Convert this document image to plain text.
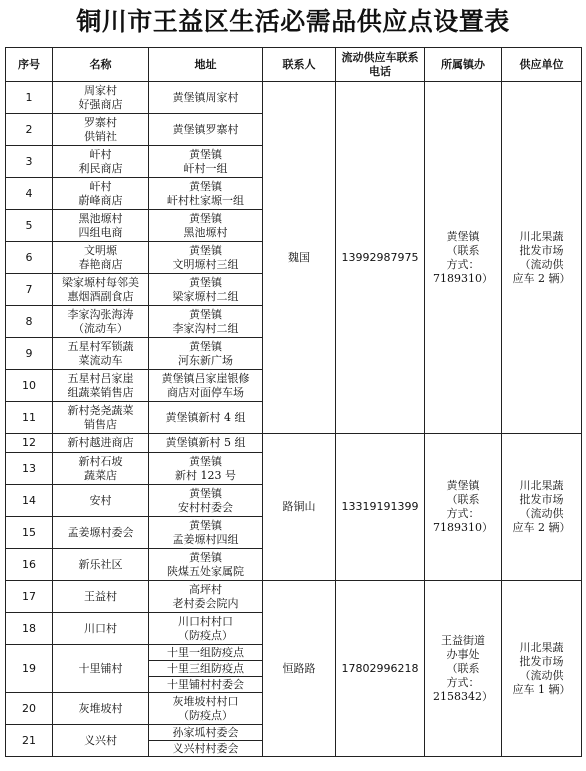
铜川市王益区生活必需品供应点设置表
序号	名称	地址	联系人	流动供应车联系电话	所属镇办	供应单位
1	周家村
好强商店	黄堡镇周家村	魏国	13992987975	黄堡镇
（联系
方式：
7189310）	川北果蔬
批发市场
（流动供
应车 2 辆）

2	罗寨村
供销社	黄堡镇罗寨村				

3	屽村
利民商店	黄堡镇
屽村一组				

4	屽村
蔚峰商店	黄堡镇
屽村杜家塬一组				

5	黑池塬村
四组电商	黄堡镇
黑池塬村				

6	文明塬
春艳商店	黄堡镇
文明塬村三组				

7	梁家塬村每邻美
惠烟酒副食店	黄堡镇
梁家塬村二组				

8	李家沟张海涛
（流动车）	黄堡镇
李家沟村二组				

9	五星村军锁蔬
菜流动车	黄堡镇
河东新广场				

10	五星村吕家崖
组蔬菜销售店	黄堡镇吕家崖银修
商店对面停车场				

11	新村尧尧蔬菜
销售店	黄堡镇新村 4 组				

12	新村越进商店	黄堡镇新村 5 组	路铜山	13319191399	黄堡镇
（联系
方式：
7189310）	川北果蔬
批发市场
（流动供
应车 2 辆）

13	新村石坡
蔬菜店	黄堡镇
新村 123 号				

14	安村	黄堡镇
安村村委会				

15	孟姜塬村委会	黄堡镇
孟姜塬村四组				

16	新乐社区	黄堡镇
陕煤五处家属院				

17	王益村	高坪村
老村委会院内	恒路路	17802996218	王益街道
办事处
（联系
方式：
2158342）	川北果蔬
批发市场
（流动供
应车 1 辆）

18	川口村	川口村村口
（防疫点）				

19	十里铺村	十里一组防疫点				

		十里三组防疫点				

		十里铺村村委会				

20	灰堆坡村	灰堆坡村村口
（防疫点）				

21	义兴村	孙家坬村委会				

		义兴村村委会				
